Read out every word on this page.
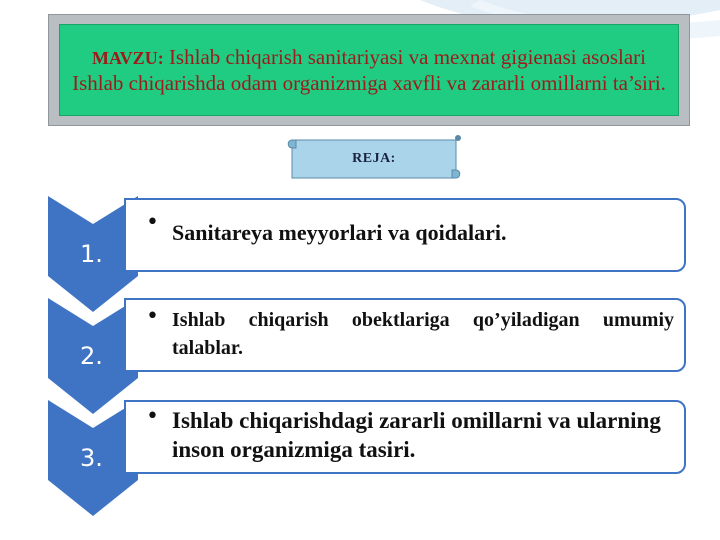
MAVZU: Ishlab chiqarish sanitariyasi va mexnat gigienasi asoslari Ishlab chiqarishda odam organizmiga xavfli va zararli omillarni ta’siri.
REJA:
1.
• Sanitareya meyyorlari va qoidalari.
2.
• Ishlab chiqarish obektlariga qo’yiladigan umumiy talablar.
3.
• Ishlab chiqarishdagi zararli omillarni va ularning inson organizmiga tasiri.
